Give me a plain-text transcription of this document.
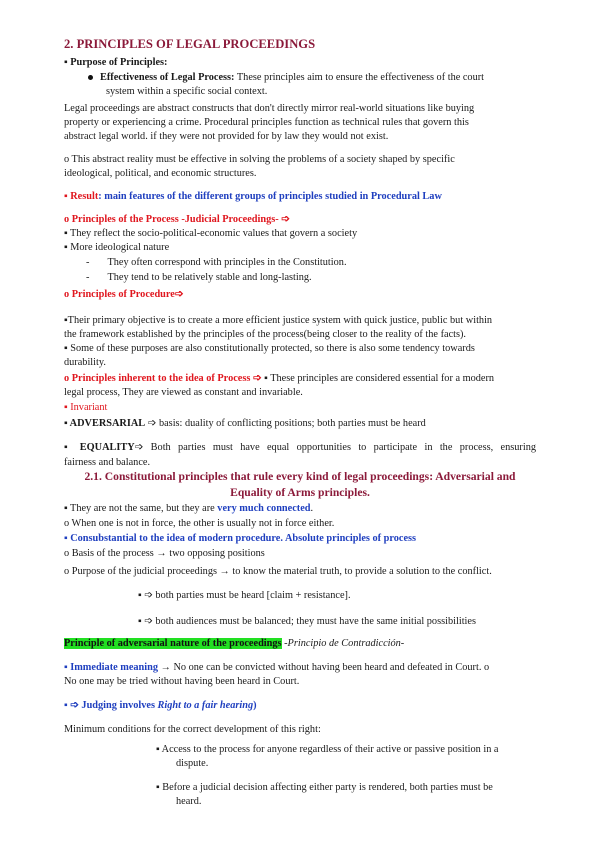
2. PRINCIPLES OF LEGAL PROCEEDINGS
▪ Purpose of Principles:
Effectiveness of Legal Process: These principles aim to ensure the effectiveness of the court
system within a specific social context.
Legal proceedings are abstract constructs that don't directly mirror real-world situations like buying
property or experiencing a crime. Procedural principles function as technical rules that govern this
abstract legal world. if they were not provided for by law they would not exist.
o This abstract reality must be effective in solving the problems of a society shaped by specific
ideological, political, and economic structures.
▪ Result: main features of the different groups of principles studied in Procedural Law
o Principles of the Process -Judicial Proceedings- ➩
▪ They reflect the socio-political-economic values that govern a society
▪ More ideological nature
-       They often correspond with principles in the Constitution.
-       They tend to be relatively stable and long-lasting.
o Principles of Procedure➩
▪Their primary objective is to create a more efficient justice system with quick justice, public but within
the framework established by the principles of the process(being closer to the reality of the facts).
▪ Some of these purposes are also constitutionally protected, so there is also some tendency towards
durability.
o Principles inherent to the idea of Process ➩ ▪ These principles are considered essential for a modern
legal process, They are viewed as constant and invariable.
▪ Invariant
▪ ADVERSARIAL ➩ basis: duality of conflicting positions; both parties must be heard
▪ EQUALITY➩ Both parties must have equal opportunities to participate in the process, ensuring
fairness and balance.
2.1. Constitutional principles that rule every kind of legal proceedings: Adversarial and
Equality of Arms principles.
▪ They are not the same, but they are very much connected.
o When one is not in force, the other is usually not in force either.
▪ Consubstantial to the idea of modern procedure. Absolute principles of process
o Basis of the process → two opposing positions
o Purpose of the judicial proceedings → to know the material truth, to provide a solution to the conflict.
▪ ➩ both parties must be heard [claim + resistance].
▪ ➩ both audiences must be balanced; they must have the same initial possibilities
Principle of adversarial nature of the proceedings -Principio de Contradicción-
▪ Immediate meaning → No one can be convicted without having been heard and defeated in Court. o
No one may be tried without having been heard in Court.
▪ ➩ Judging involves Right to a fair hearing)
Minimum conditions for the correct development of this right:
▪ Access to the process for anyone regardless of their active or passive position in a
dispute.
▪ Before a judicial decision affecting either party is rendered, both parties must be
heard.
